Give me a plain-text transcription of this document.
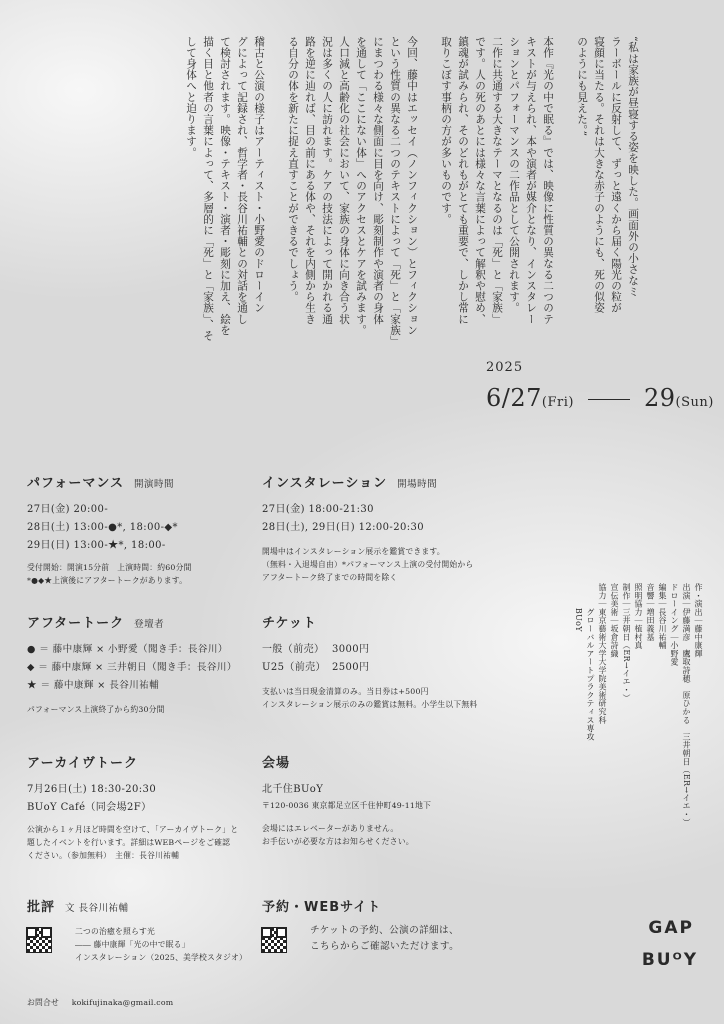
“私は家族が昼寝する姿を映した。画面外の小さなミ
ラーボールに反射して、ずっと遠くから届く陽光の粒が
寝顔に当たる。それは大きな赤子のようにも、死の似姿
のようにも見えた。”
本作『光の中で眠る』では、映像に性質の異なる二つのテ
キストが与えられ、本や演者が媒介となり、インスタレー
ションとパフォーマンスの二作品として公開されます。
二作に共通する大きなテーマとなるのは「死」と「家族」
です。人の死のあとには様々な言葉によって解釈や慰め、
鎮魂が試みられ、そのどれもがとても重要で、しかし常に
取りこぼす事柄の方が多いものです。
今回、藤中はエッセイ（ノンフィクション）とフィクション
という性質の異なる二つのテキストによって「死」と「家族」
にまつわる様々な側面に目を向け、彫刻制作や演者の身体
を通して「ここにない体」へのアクセスとケアを試みます。
人口減と高齢化の社会において、家族の身体に向き合う状
況は多くの人に訪れます。ケアの技法によって開かれる通
路を逆に辿れば、目の前にある体や、それを内側から生き
る自分の体を新たに捉え直すことができるでしょう。
稽古と公演の様子はアーティスト・小野愛のドローイン
グによって記録され、哲学者・長谷川祐輔との対話を通し
て検討されます。映像・テキスト・演者・彫刻に加え、絵を
描く目と他者の言葉によって、多層的に「死」と「家族」、そ
して身体へと迫ります。
2025
6/27(Fri)	29(Sun)
作・演出｜藤中康輝
出演｜伊藤満彦　鷹取詩穂　原ひかる　三井朝日（ER→イエ・）
ドローイング｜小野愛
編集｜長谷川祐輔
音響｜増田義基
照明協力｜植村真
制作｜三井朝日（ER→イエ・）
宣伝美術｜坂倉詩織
協力｜東京藝術大学大学院美術研究科
　　　グローバルアートプラクティス専攻
　　　BUoY
パフォーマンス 開演時間
27日(金) 20:00-
28日(土) 13:00-●*, 18:00-◆*
29日(日) 13:00-★*, 18:00-
受付開始：開演15分前　上演時間：約60分間
*●◆★上演後にアフタートークがあります。
インスタレーション 開場時間
27日(金) 18:00-21:30
28日(土), 29日(日) 12:00-20:30
開場中はインスタレーション展示を鑑賞できます。
（無料・入退場自由）*パフォーマンス上演の受付開始から
アフタートーク終了までの時間を除く
アフタートーク 登壇者
● ＝ 藤中康輝 × 小野愛（聞き手：長谷川）
◆ ＝ 藤中康輝 × 三井朝日（聞き手：長谷川）
★ ＝ 藤中康輝 × 長谷川祐輔
パフォーマンス上演終了から約30分間
チケット
一般（前売） 3000円
U25（前売） 2500円
支払いは当日現金清算のみ。当日券は+500円
インスタレーション展示のみの鑑賞は無料。小学生以下無料
アーカイヴトーク
7月26日(土) 18:30-20:30
BUoY Café（同会場2F）
公演から１ヶ月ほど時間を空けて、「アーカイヴトーク」と
題したイベントを行います。詳細はWEBページをご確認
ください。（参加無料）　主催：長谷川祐輔
会場
北千住BUoY
〒120-0036 東京都足立区千住仲町49-11地下
会場にはエレベーターがありません。
お手伝いが必要な方はお知らせください。
批評 文 長谷川祐輔
二つの治癒を照らす光
―― 藤中康輝「光の中で眠る」
インスタレーション（2025、美学校スタジオ）
予約・WEBサイト
チケットの予約、公演の詳細は、
こちらからご確認いただけます。
お問合せ kokifujinaka@gmail.com
GAP
BUᴼY
